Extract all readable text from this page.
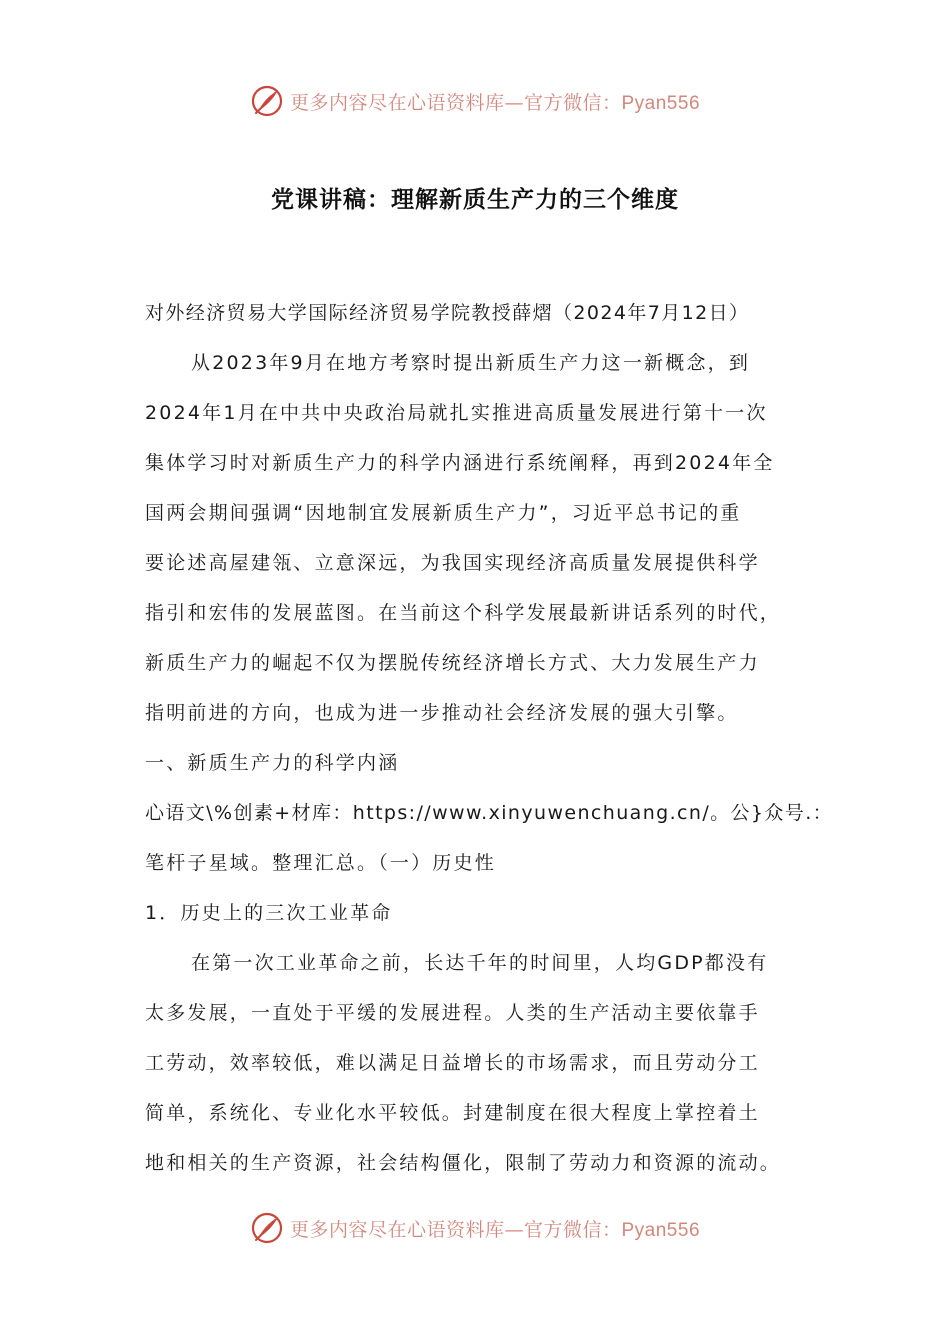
更多内容尽在心语资料库—官方微信：Pyan556
党课讲稿：理解新质生产力的三个维度
对外经济贸易大学国际经济贸易学院教授薛熠（2024年7月12日）
从2023年9月在地方考察时提出新质生产力这一新概念，到
2024年1月在中共中央政治局就扎实推进高质量发展进行第十一次
集体学习时对新质生产力的科学内涵进行系统阐释，再到2024年全
国两会期间强调“因地制宜发展新质生产力”，习近平总书记的重
要论述高屋建瓴、立意深远，为我国实现经济高质量发展提供科学
指引和宏伟的发展蓝图。在当前这个科学发展最新讲话系列的时代，
新质生产力的崛起不仅为摆脱传统经济增长方式、大力发展生产力
指明前进的方向，也成为进一步推动社会经济发展的强大引擎。
一、新质生产力的科学内涵
心语文\%创素+材库：https://www.xinyuwenchuang.cn/。公}众号.：
笔杆子星域。整理汇总。（一）历史性
1．历史上的三次工业革命
在第一次工业革命之前，长达千年的时间里，人均GDP都没有
太多发展，一直处于平缓的发展进程。人类的生产活动主要依靠手
工劳动，效率较低，难以满足日益增长的市场需求，而且劳动分工
简单，系统化、专业化水平较低。封建制度在很大程度上掌控着土
地和相关的生产资源，社会结构僵化，限制了劳动力和资源的流动。
更多内容尽在心语资料库—官方微信：Pyan556
